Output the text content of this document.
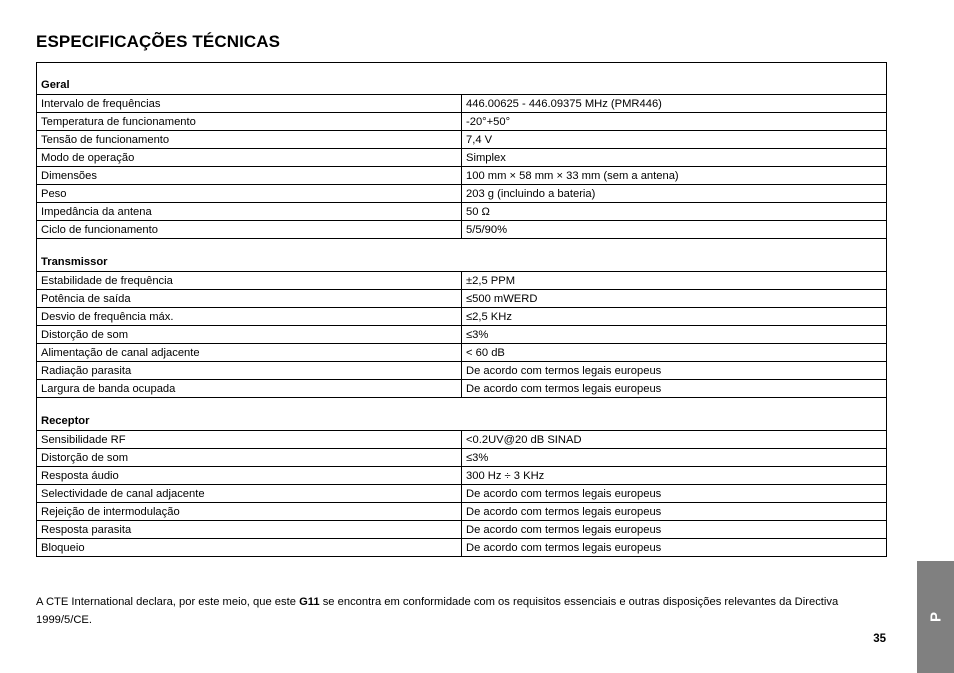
ESPECIFICAÇÕES TÉCNICAS
Geral	
Intervalo de frequências	446.00625 - 446.09375 MHz (PMR446)
Temperatura de funcionamento	-20°+50°
Tensão de funcionamento	7,4 V
Modo de operação	Simplex
Dimensões	100 mm × 58 mm × 33 mm (sem a antena)
Peso	203 g (incluindo a bateria)
Impedância da antena	50 Ω
Ciclo de funcionamento	5/5/90%
Transmissor	
Estabilidade de frequência	±2,5 PPM
Potência de saída	≤500 mWERD
Desvio de frequência máx.	≤2,5 KHz
Distorção de som	≤3%
Alimentação de canal adjacente	< 60 dB
Radiação parasita	De acordo com termos legais europeus
Largura de banda ocupada	De acordo com termos legais europeus
Receptor	
Sensibilidade RF	<0.2UV@20 dB SINAD
Distorção de som	≤3%
Resposta áudio	300 Hz ÷ 3 KHz
Selectividade de canal adjacente	De acordo com termos legais europeus
Rejeição de intermodulação	De acordo com termos legais europeus
Resposta parasita	De acordo com termos legais europeus
Bloqueio	De acordo com termos legais europeus
A CTE International declara, por este meio, que este G11 se encontra em conformidade com os requisitos essenciais e outras disposições relevantes da Directiva 1999/5/CE.
35
P
